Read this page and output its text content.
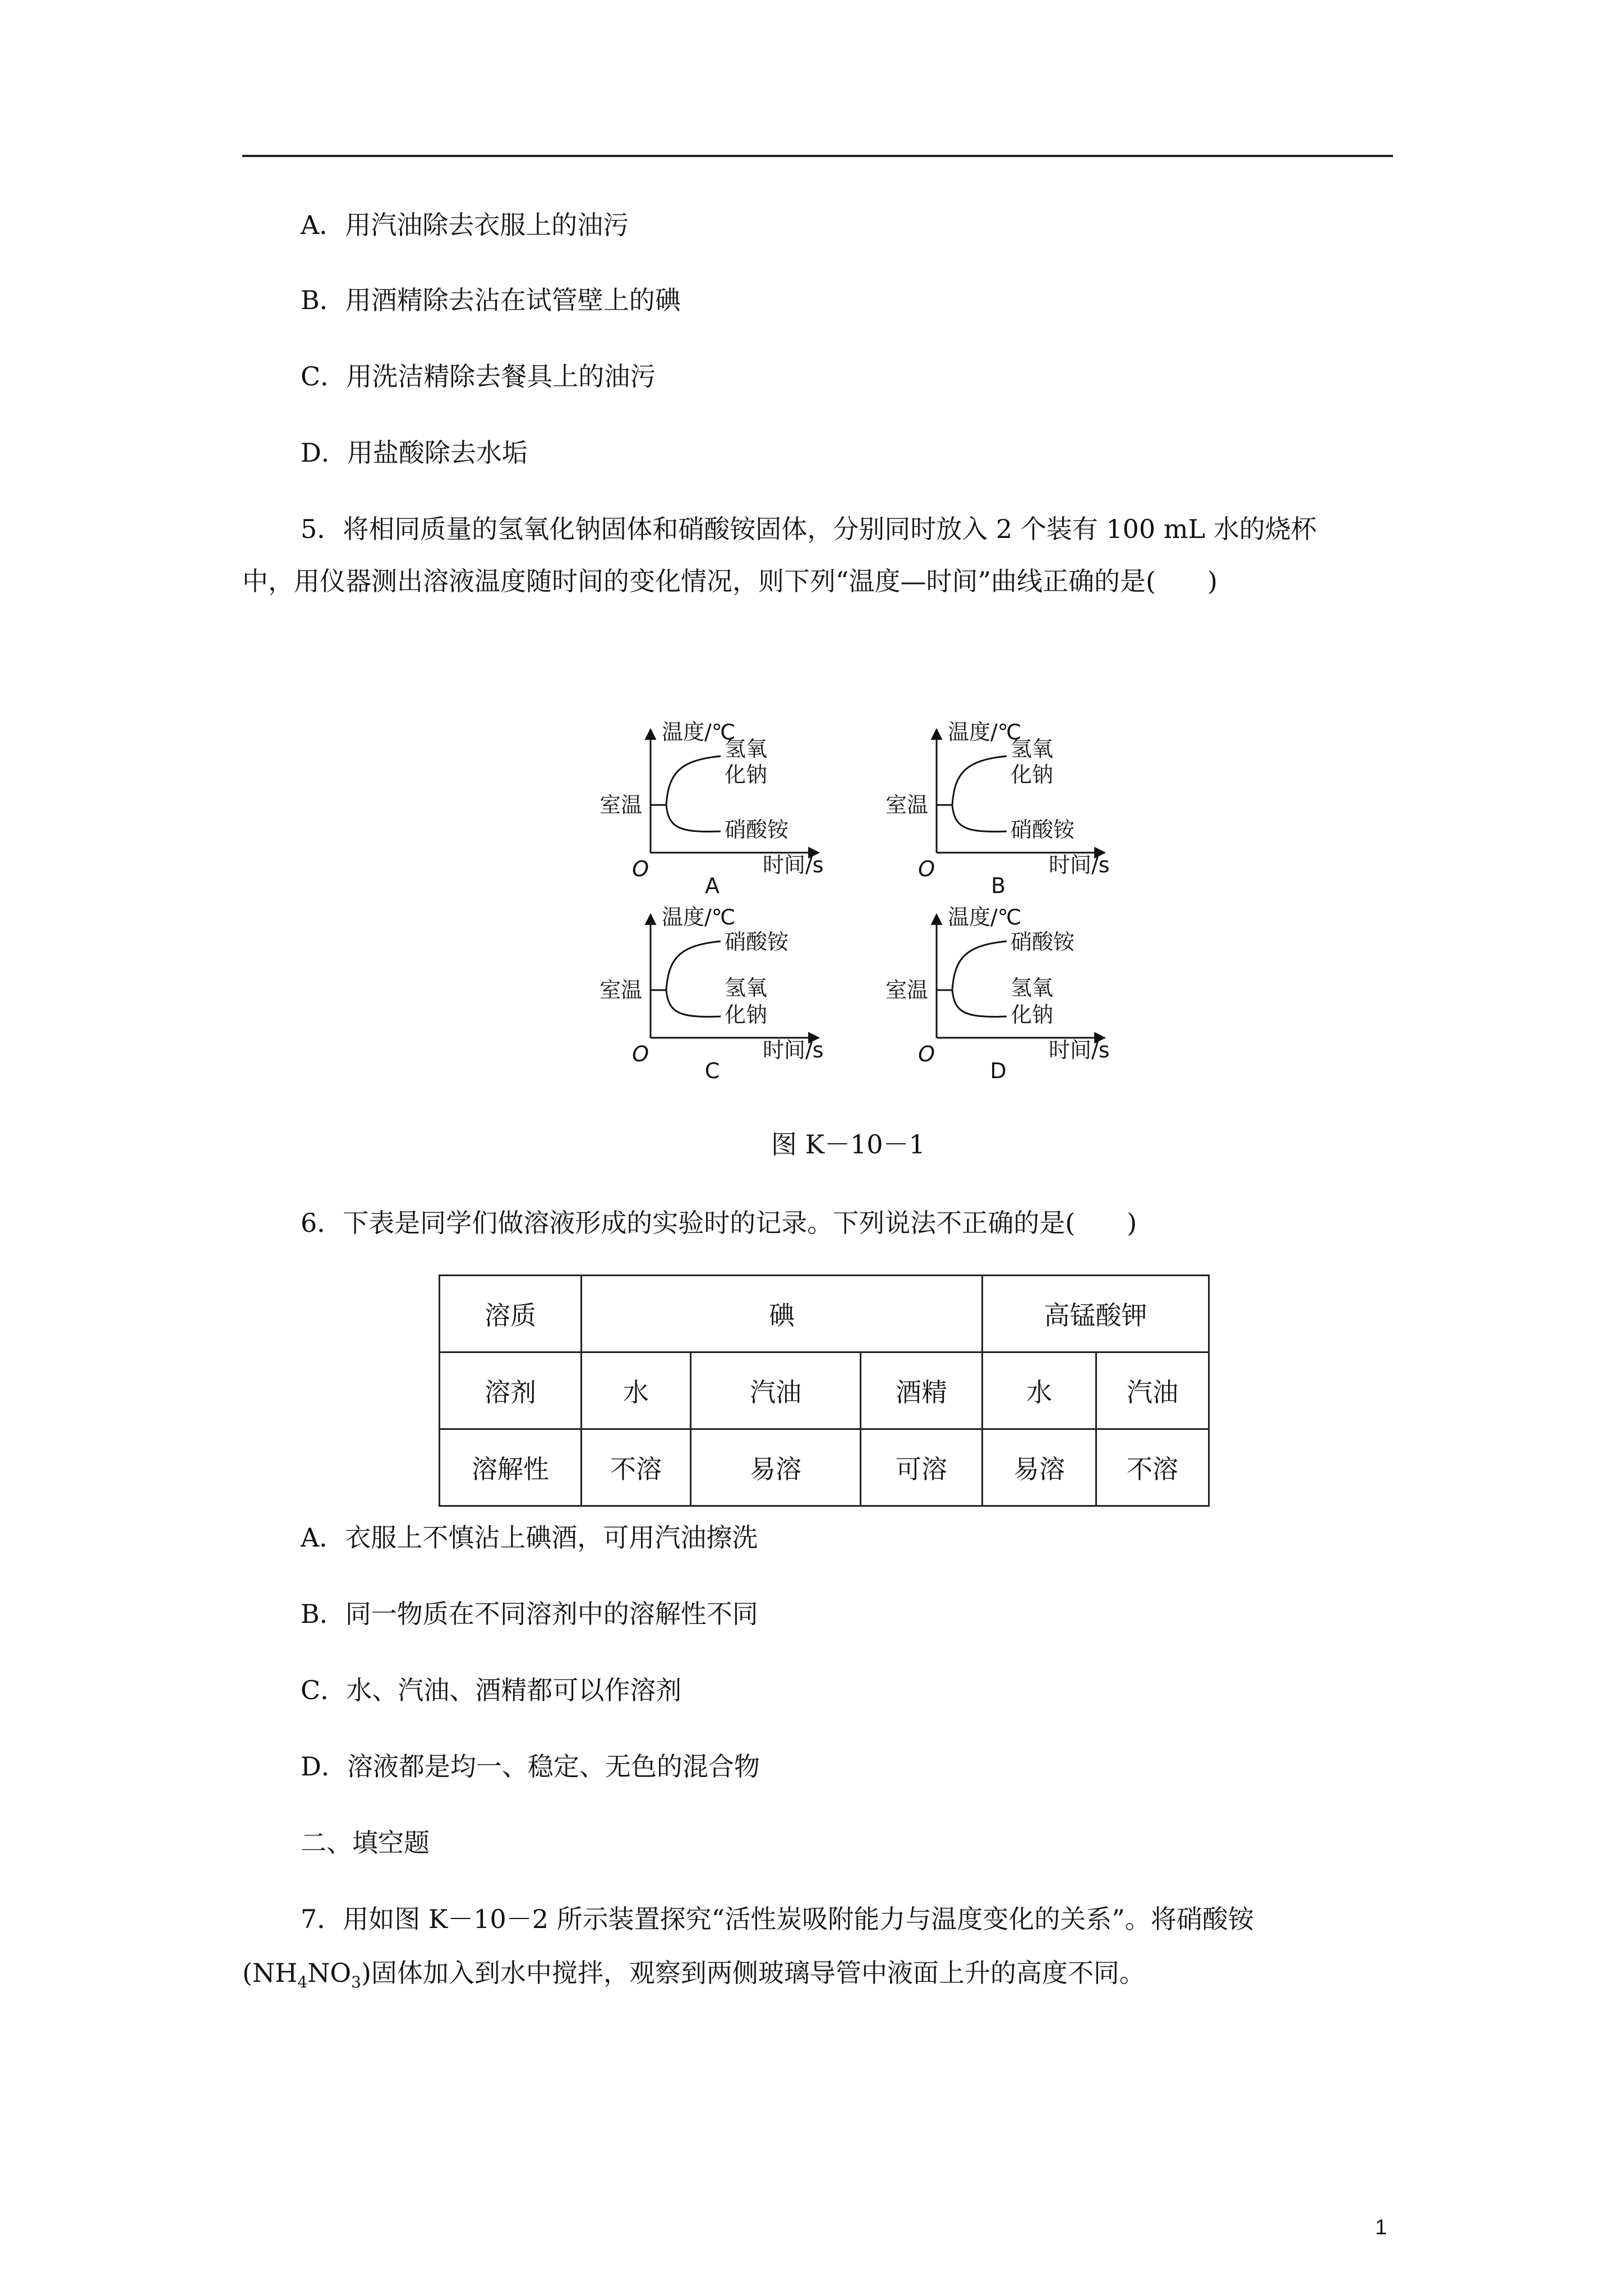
A．用汽油除去衣服上的油污
B．用酒精除去沾在试管壁上的碘
C．用洗洁精除去餐具上的油污
D．用盐酸除去水垢
5．将相同质量的氢氧化钠固体和硝酸铵固体，分别同时放入 2 个装有 100 mL 水的烧杯
中，用仪器测出溶液温度随时间的变化情况，则下列“温度—时间”曲线正确的是(　　)
温度/℃
时间/s
O
室温
氢氧
化钠
硝酸铵
A
温度/℃
时间/s
O
室温
氢氧
化钠
硝酸铵
B
温度/℃
时间/s
O
室温
硝酸铵
氢氧
化钠
C
温度/℃
时间/s
O
室温
硝酸铵
氢氧
化钠
D
图 K－10－1
6．下表是同学们做溶液形成的实验时的记录。下列说法不正确的是(　　)
溶质	碘			高锰酸钾	
溶剂	水	汽油	酒精	水	汽油
溶解性	不溶	易溶	可溶	易溶	不溶
A．衣服上不慎沾上碘酒，可用汽油擦洗
B．同一物质在不同溶剂中的溶解性不同
C．水、汽油、酒精都可以作溶剂
D．溶液都是均一、稳定、无色的混合物
二、填空题
7．用如图 K－10－2 所示装置探究“活性炭吸附能力与温度变化的关系”。将硝酸铵
$(NH_4NO_3)$固体加入到水中搅拌，观察到两侧玻璃导管中液面上升的高度不同。
1
